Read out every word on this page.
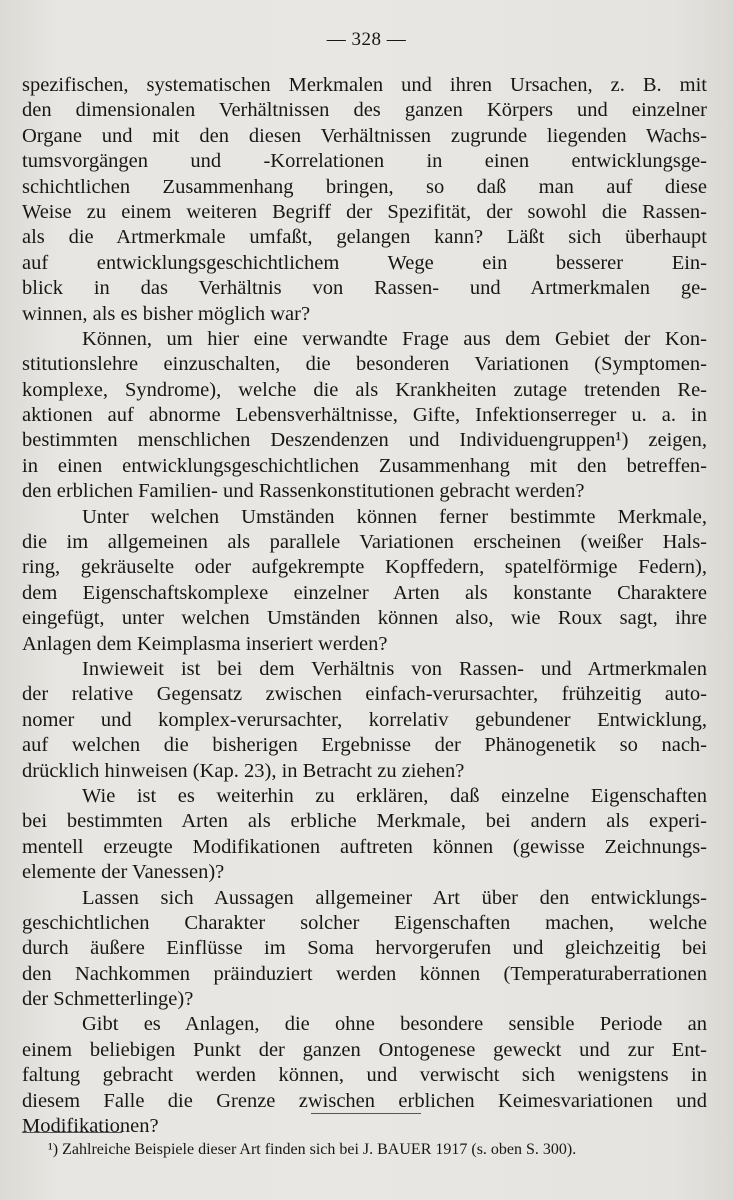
— 328 —
spezifischen, systematischen Merkmalen und ihren Ursachen, z. B. mit
den dimensionalen Verhältnissen des ganzen Körpers und einzelner
Organe und mit den diesen Verhältnissen zugrunde liegenden Wachs-
tumsvorgängen und -Korrelationen in einen entwicklungsge-
schichtlichen Zusammenhang bringen, so daß man auf diese
Weise zu einem weiteren Begriff der Spezifität, der sowohl die Rassen-
als die Artmerkmale umfaßt, gelangen kann? Läßt sich überhaupt
auf entwicklungsgeschichtlichem Wege ein besserer Ein-
blick in das Verhältnis von Rassen- und Artmerkmalen ge-
winnen, als es bisher möglich war?
Können, um hier eine verwandte Frage aus dem Gebiet der Kon-
stitutionslehre einzuschalten, die besonderen Variationen (Symptomen-
komplexe, Syndrome), welche die als Krankheiten zutage tretenden Re-
aktionen auf abnorme Lebensverhältnisse, Gifte, Infektionserreger u. a. in
bestimmten menschlichen Deszendenzen und Individuengruppen¹) zeigen,
in einen entwicklungsgeschichtlichen Zusammenhang mit den betreffen-
den erblichen Familien- und Rassenkonstitutionen gebracht werden?
Unter welchen Umständen können ferner bestimmte Merkmale,
die im allgemeinen als parallele Variationen erscheinen (weißer Hals-
ring, gekräuselte oder aufgekrempte Kopffedern, spatelförmige Federn),
dem Eigenschaftskomplexe einzelner Arten als konstante Charaktere
eingefügt, unter welchen Umständen können also, wie Roux sagt, ihre
Anlagen dem Keimplasma inseriert werden?
Inwieweit ist bei dem Verhältnis von Rassen- und Artmerkmalen
der relative Gegensatz zwischen einfach-verursachter, frühzeitig auto-
nomer und komplex-verursachter, korrelativ gebundener Entwicklung,
auf welchen die bisherigen Ergebnisse der Phänogenetik so nach-
drücklich hinweisen (Kap. 23), in Betracht zu ziehen?
Wie ist es weiterhin zu erklären, daß einzelne Eigenschaften
bei bestimmten Arten als erbliche Merkmale, bei andern als experi-
mentell erzeugte Modifikationen auftreten können (gewisse Zeichnungs-
elemente der Vanessen)?
Lassen sich Aussagen allgemeiner Art über den entwicklungs-
geschichtlichen Charakter solcher Eigenschaften machen, welche
durch äußere Einflüsse im Soma hervorgerufen und gleichzeitig bei
den Nachkommen präinduziert werden können (Temperaturaberrationen
der Schmetterlinge)?
Gibt es Anlagen, die ohne besondere sensible Periode an
einem beliebigen Punkt der ganzen Ontogenese geweckt und zur Ent-
faltung gebracht werden können, und verwischt sich wenigstens in
diesem Falle die Grenze zwischen erblichen Keimesvariationen und
Modifikationen?
¹) Zahlreiche Beispiele dieser Art finden sich bei J. BAUER 1917 (s. oben S. 300).
